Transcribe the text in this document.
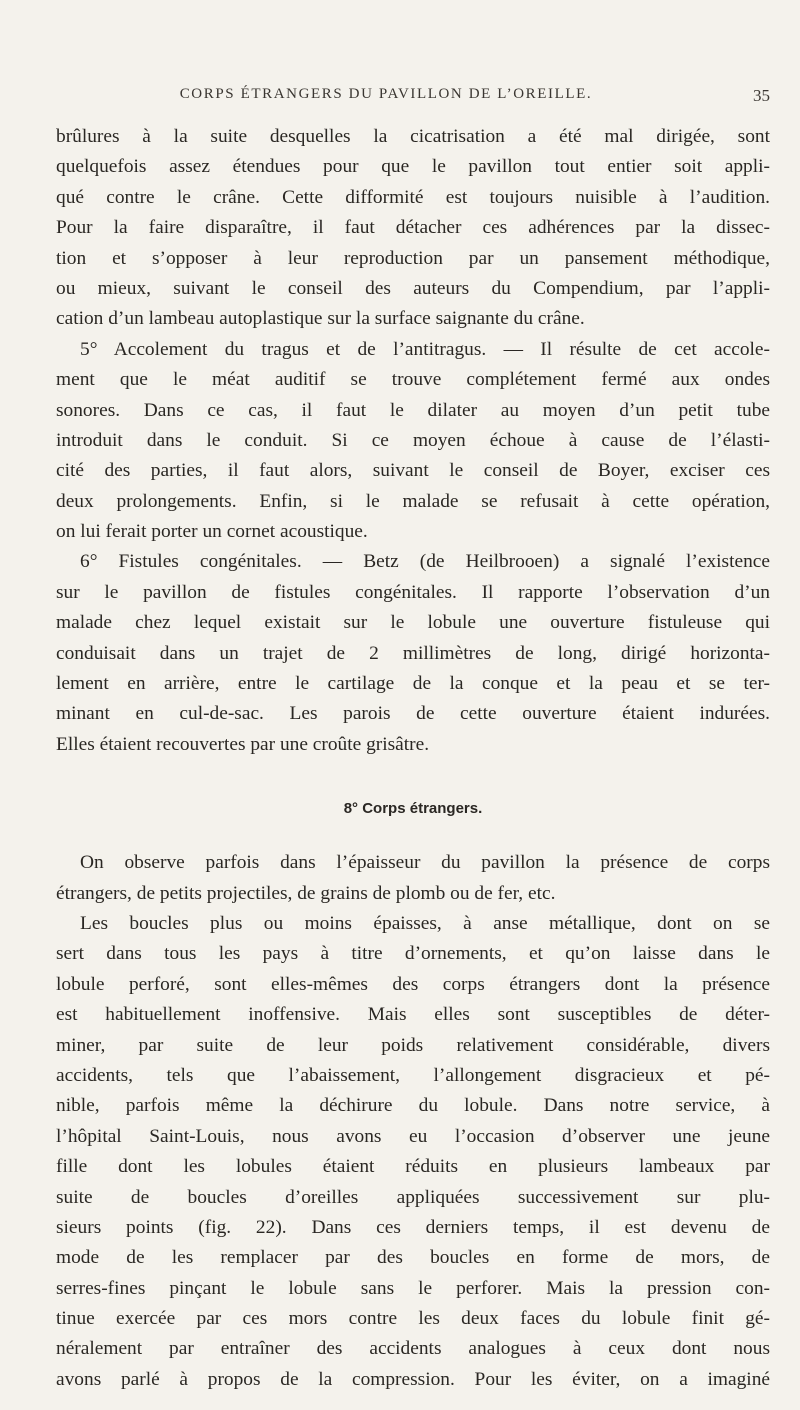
CORPS ÉTRANGERS DU PAVILLON DE L’OREILLE.	35
brûlures à la suite desquelles la cicatrisation a été mal dirigée, sont
quelquefois assez étendues pour que le pavillon tout entier soit appli-
qué contre le crâne. Cette difformité est toujours nuisible à l’audition.
Pour la faire disparaître, il faut détacher ces adhérences par la dissec-
tion et s’opposer à leur reproduction par un pansement méthodique,
ou mieux, suivant le conseil des auteurs du Compendium, par l’appli-
cation d’un lambeau autoplastique sur la surface saignante du crâne.
5° Accolement du tragus et de l’antitragus. — Il résulte de cet accole-
ment que le méat auditif se trouve complétement fermé aux ondes
sonores. Dans ce cas, il faut le dilater au moyen d’un petit tube
introduit dans le conduit. Si ce moyen échoue à cause de l’élasti-
cité des parties, il faut alors, suivant le conseil de Boyer, exciser ces
deux prolongements. Enfin, si le malade se refusait à cette opération,
on lui ferait porter un cornet acoustique.
6° Fistules congénitales. — Betz (de Heilbrooen) a signalé l’existence
sur le pavillon de fistules congénitales. Il rapporte l’observation d’un
malade chez lequel existait sur le lobule une ouverture fistuleuse qui
conduisait dans un trajet de 2 millimètres de long, dirigé horizonta-
lement en arrière, entre le cartilage de la conque et la peau et se ter-
minant en cul-de-sac. Les parois de cette ouverture étaient indurées.
Elles étaient recouvertes par une croûte grisâtre.
8° Corps étrangers.
On observe parfois dans l’épaisseur du pavillon la présence de corps
étrangers, de petits projectiles, de grains de plomb ou de fer, etc.
Les boucles plus ou moins épaisses, à anse métallique, dont on se
sert dans tous les pays à titre d’ornements, et qu’on laisse dans le
lobule perforé, sont elles-mêmes des corps étrangers dont la présence
est habituellement inoffensive. Mais elles sont susceptibles de déter-
miner, par suite de leur poids relativement considérable, divers
accidents, tels que l’abaissement, l’allongement disgracieux et pé-
nible, parfois même la déchirure du lobule. Dans notre service, à
l’hôpital Saint-Louis, nous avons eu l’occasion d’observer une jeune
fille dont les lobules étaient réduits en plusieurs lambeaux par
suite de boucles d’oreilles appliquées successivement sur plu-
sieurs points (fig. 22). Dans ces derniers temps, il est devenu de
mode de les remplacer par des boucles en forme de mors, de
serres-fines pinçant le lobule sans le perforer. Mais la pression con-
tinue exercée par ces mors contre les deux faces du lobule finit gé-
néralement par entraîner des accidents analogues à ceux dont nous
avons parlé à propos de la compression. Pour les éviter, on a imaginé
